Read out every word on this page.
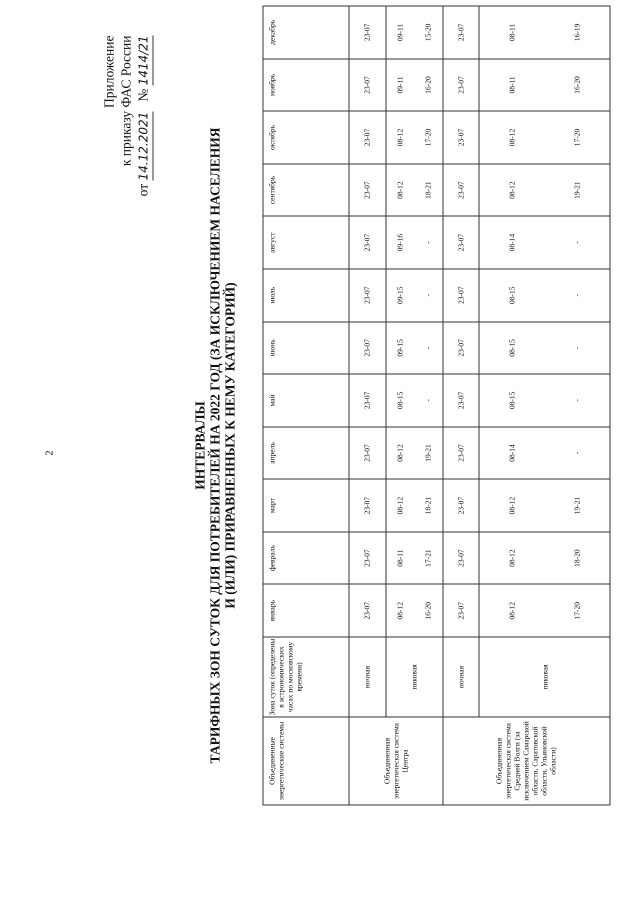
2
Приложение к приказу ФАС России
от 14.12.2021   № 1414/21
ИНТЕРВАЛЫ ТАРИФНЫХ ЗОН СУТОК ДЛЯ ПОТРЕБИТЕЛЕЙ НА 2022 ГОД (ЗА ИСКЛЮЧЕНИЕМ НАСЕЛЕНИЯ И (ИЛИ) ПРИРАВНЕННЫХ К НЕМУ КАТЕГОРИЙ)
Объединенные энергетические системы	Зона суток (определены в астрономических часах по московскому времени)	январь	февраль	март	апрель	май	июнь	июль	август	сентябрь	октябрь	ноябрь	декабрь
Объединенная энергетическая система Центра	ночная	23-07	23-07	23-07	23-07	23-07	23-07	23-07	23-07	23-07	23-07	23-07	23-07
	пиковая	08-12	08-11	08-12	08-12	08-15	09-15	09-15	09-16	08-12	08-12	09-11	09-11
		16-20	17-21	18-21	19-21	-	-	-	-	18-21	17-20	16-20	15-20
Объединенная энергетическая система Средней Волги (за исключением Самарской области, Саратовской области, Ульяновской области)	ночная	23-07	23-07	23-07	23-07	23-07	23-07	23-07	23-07	23-07	23-07	23-07	23-07
	пиковая	08-12	08-12	08-12	08-14	08-15	08-15	08-15	08-14	08-12	08-12	08-11	08-11
		17-20	18-20	19-21	-	-	-	-	-	19-21	17-20	16-20	16-19
